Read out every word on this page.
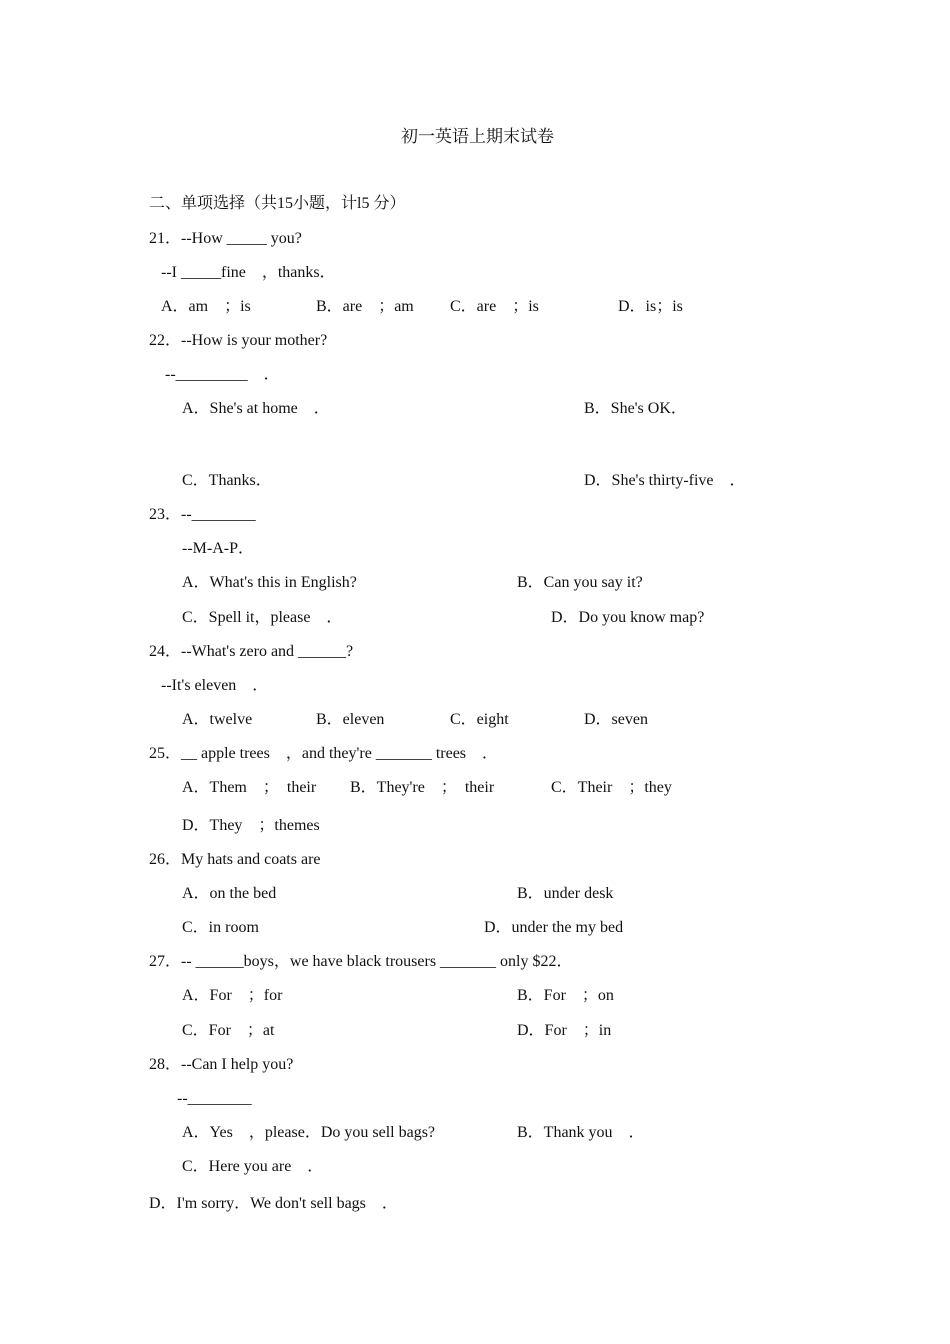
初一英语上期末试卷
二、单项选择（共15小题，计l5 分）
21．--How _____ you?
--I _____fine　，thanks．
A．am　；is	B．are　；am C．are　；is	D．is；is
22．--How is your mother?
--_________　．
A．She's at home　．	B．She's OK．
C．Thanks．	D．She's thirty-five　．
23．--________
--M-A-P．
A．What's this in English?	B．Can you say it?
C．Spell it，please　．	D．Do you know map?
24．--What's zero and ______?
--It's eleven　．
A．twelve	B．eleven	C．eight	D．seven
25．__ apple trees　，and they're _______ trees　．
A．Them　；　their B．They're　；　their	C．Their　；they
D．They　；themes
26．My hats and coats are
A．on the bed	B．under desk
C．in room	D．under the my bed
27．-- ______boys，we have black trousers _______ only $22．
A．For　；for	B．For　；on
C．For　；at	D．For　；in
28．--Can I help you?
--________
A．Yes　，please．Do you sell bags?	B．Thank you　．
C．Here you are　．
D．I'm sorry．We don't sell bags　．
